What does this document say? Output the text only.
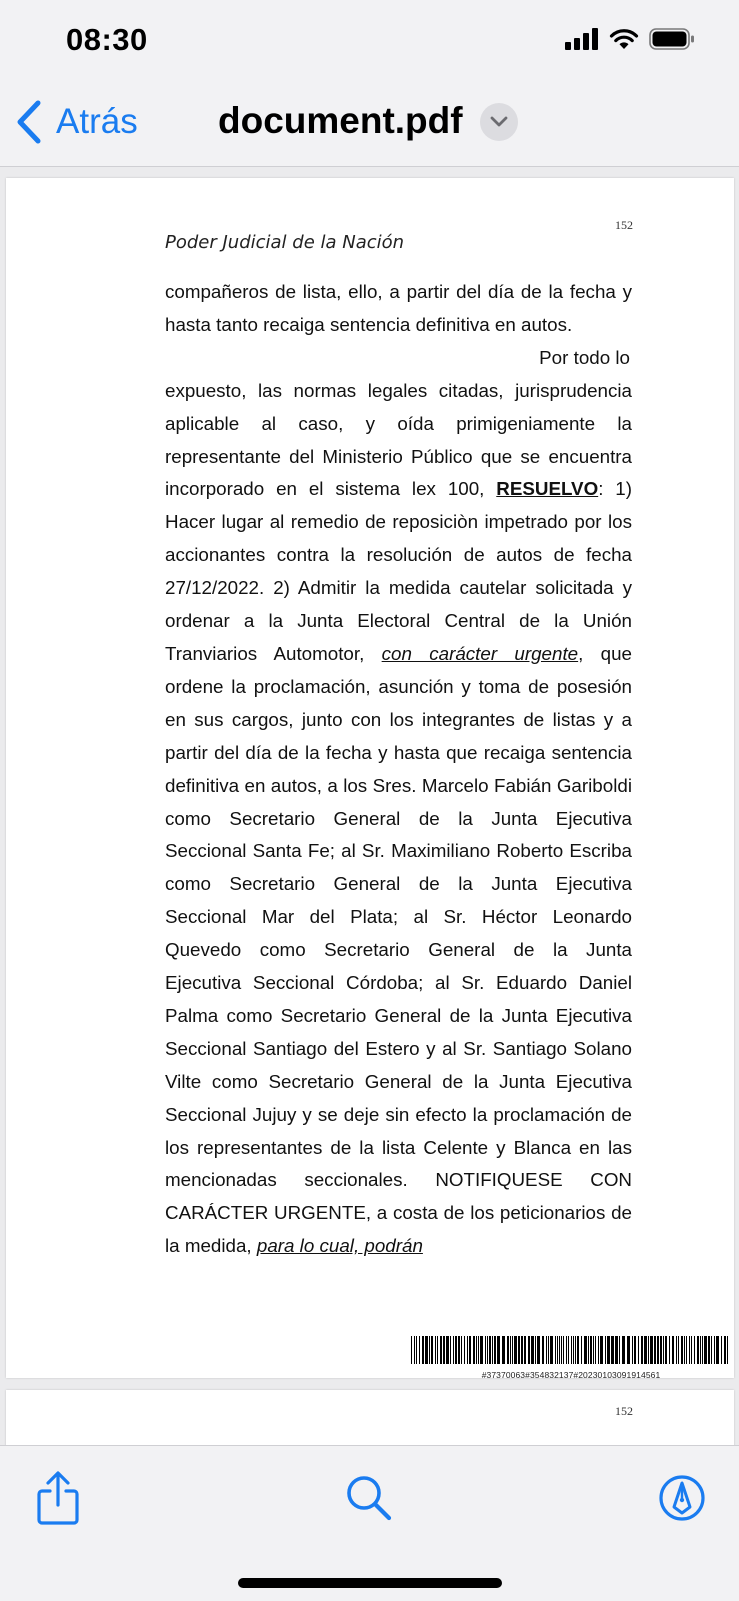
08:30
Atrás document.pdf
152
Poder Judicial de la Nación

compañeros de lista, ello, a partir del día de la fecha y hasta tanto recaiga sentencia definitiva en autos.

Por todo lo

expuesto, las normas legales citadas, jurisprudencia aplicable al caso, y oída primigeniamente la representante del Ministerio Público que se encuentra incorporado en el sistema lex 100, RESUELVO: 1) Hacer lugar al remedio de reposiciòn impetrado por los accionantes contra la resolución de autos de fecha 27/12/2022. 2) Admitir la medida cautelar solicitada y ordenar a la Junta Electoral Central de la Unión Tranviarios Automotor, con carácter urgente, que ordene la proclamación, asunción y toma de posesión en sus cargos, junto con los integrantes de listas y a partir del día de la fecha y hasta que recaiga sentencia definitiva en autos, a los Sres. Marcelo Fabián Gariboldi como Secretario General de la Junta Ejecutiva Seccional Santa Fe; al Sr. Maximiliano Roberto Escriba como Secretario General de la Junta Ejecutiva Seccional Mar del Plata; al Sr. Héctor Leonardo Quevedo como Secretario General de la Junta Ejecutiva Seccional Córdoba; al Sr. Eduardo Daniel Palma como Secretario General de la Junta Ejecutiva Seccional Santiago del Estero y al Sr. Santiago Solano Vilte como Secretario General de la Junta Ejecutiva Seccional Jujuy y se deje sin efecto la proclamación de los representantes de la lista Celente y Blanca en las mencionadas seccionales. NOTIFIQUESE CON CARÁCTER URGENTE, a costa de los peticionarios de la medida, para lo cual, podrán

#37370063#354832137#20230103091914561
152
